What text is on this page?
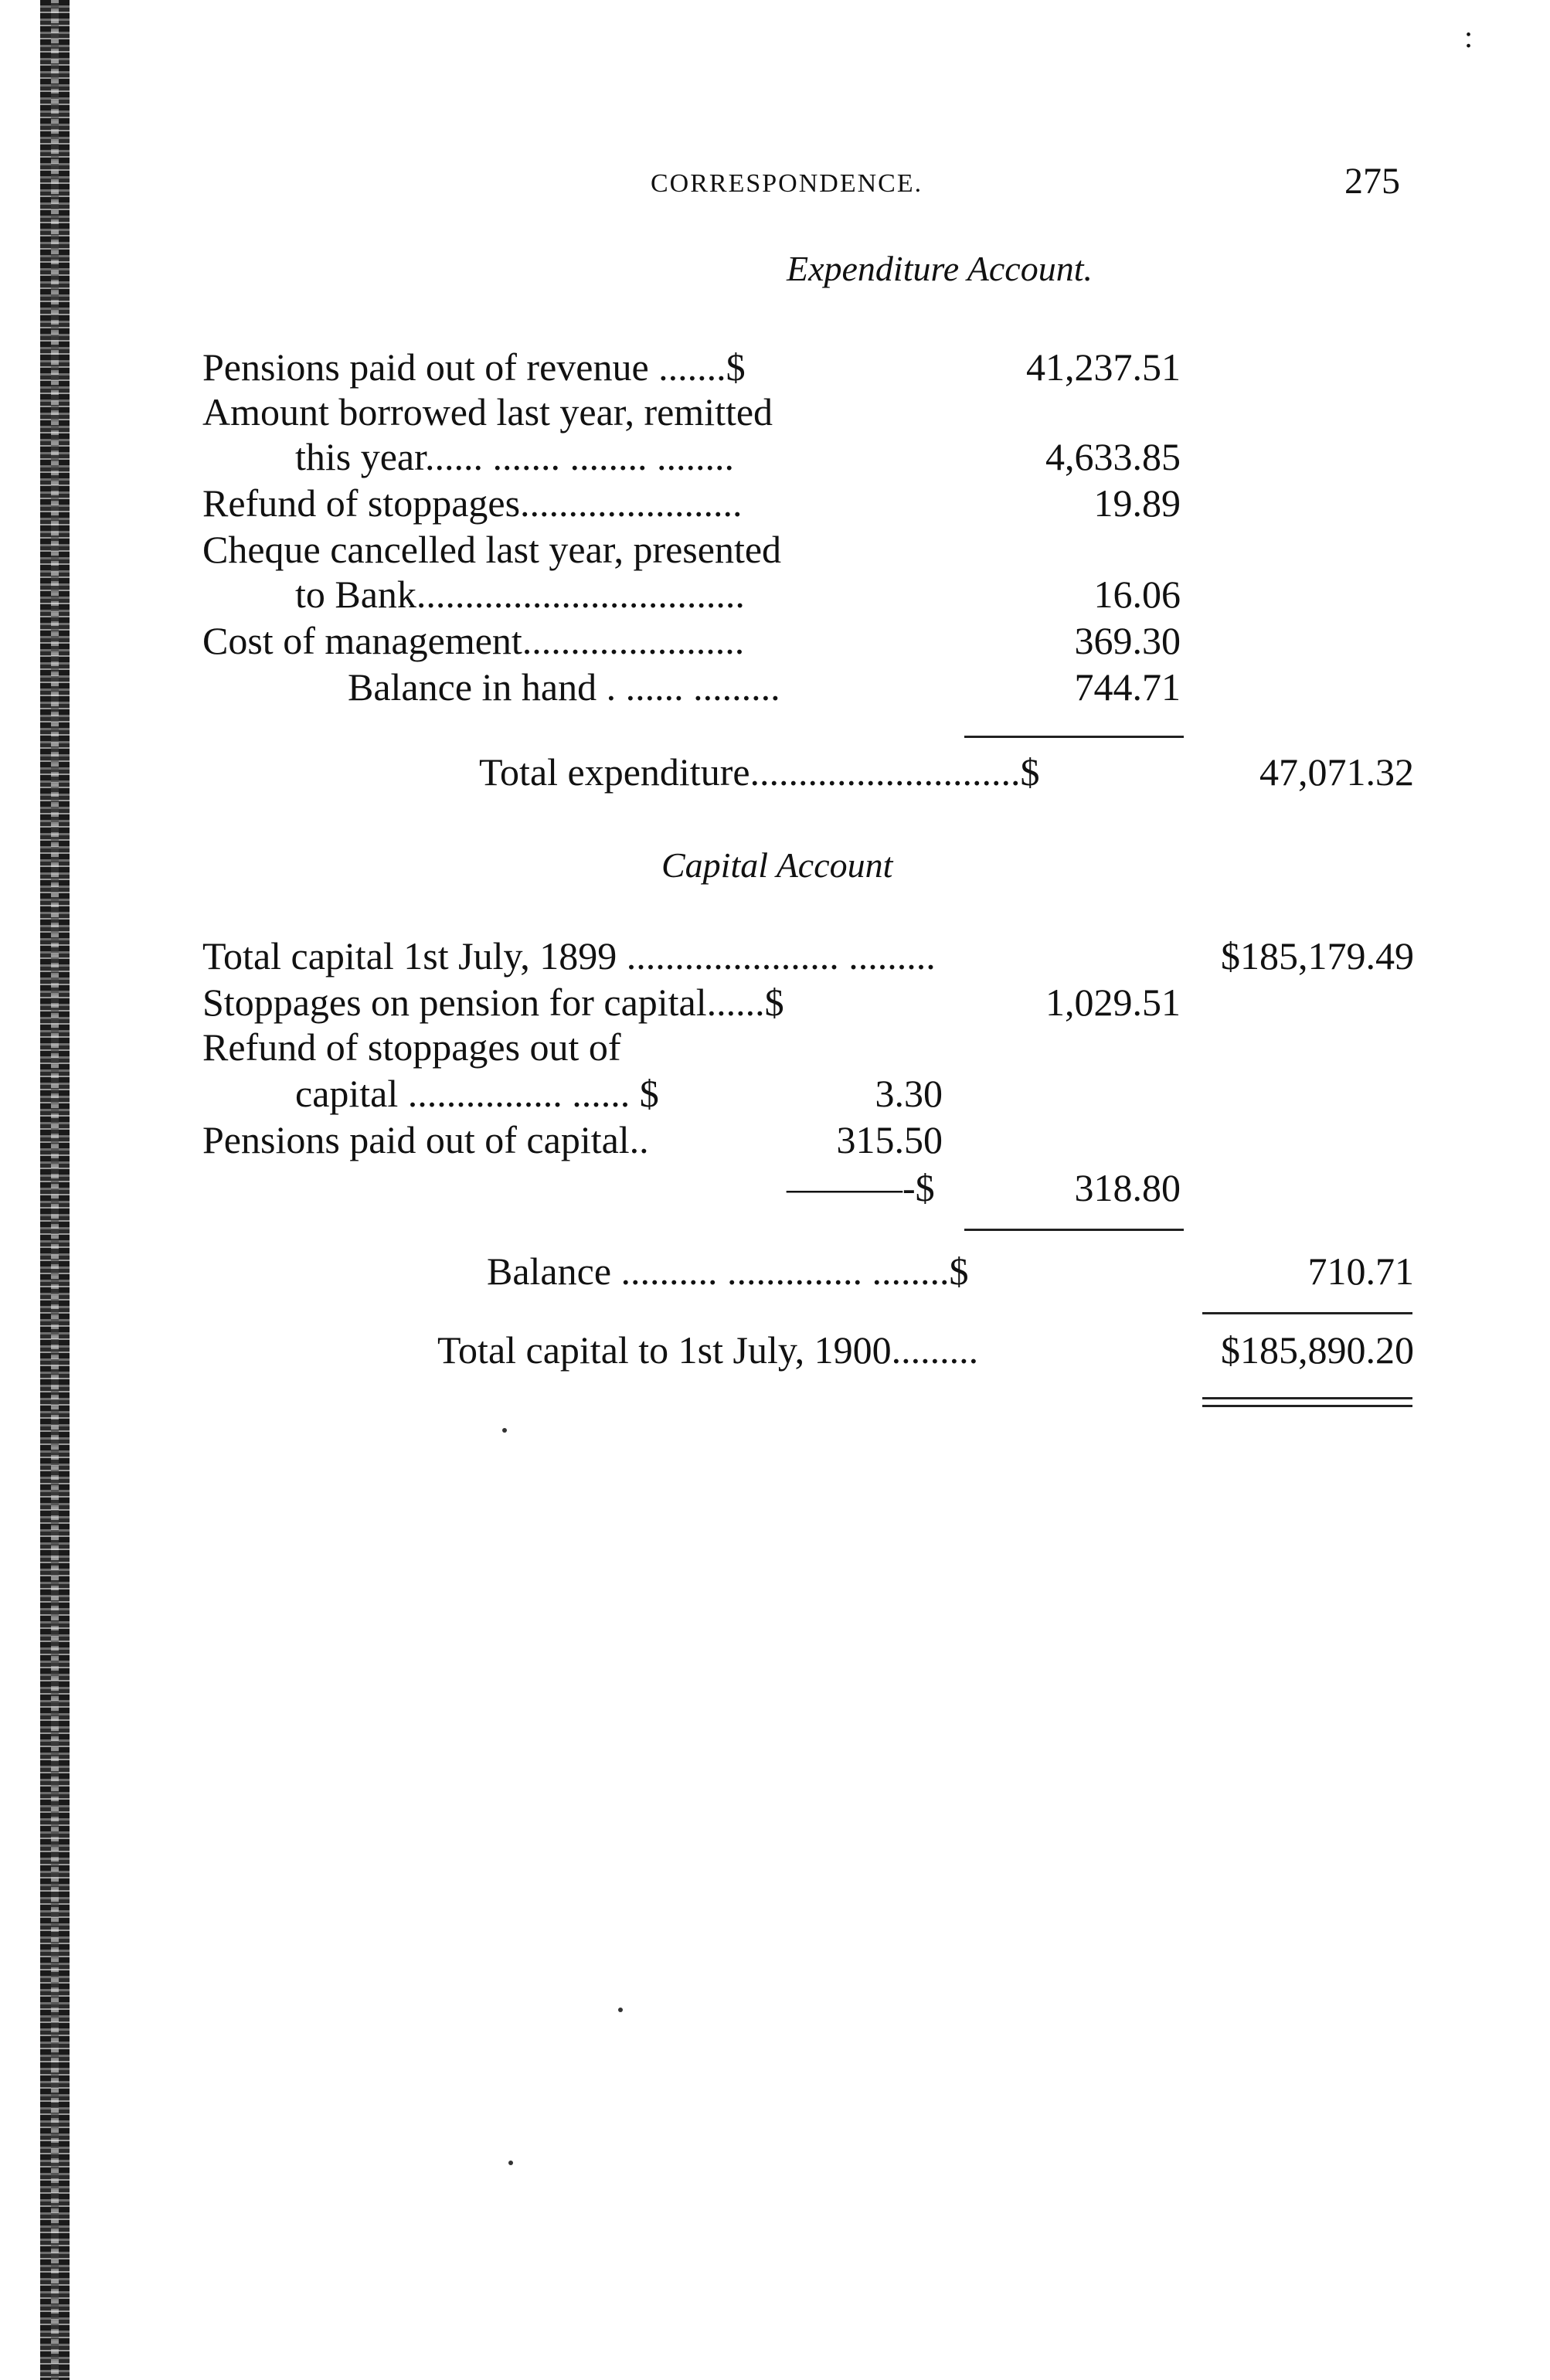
:
CORRESPONDENCE.	275
Expenditure Account.
Pensions paid out of revenue .......$	41,237.51
Amount borrowed last year, remitted
this year...... ....... ........ ........	4,633.85
Refund of stoppages.......................	19.89
Cheque cancelled last year, presented
to Bank..................................	16.06
Cost of management.......................	369.30
Balance in hand . ...... .........	744.71
Total expenditure............................$	47,071.32
Capital Account
Total capital 1st July, 1899 ...................... .........	$185,179.49
Stoppages on pension for capital......$	1,029.51
Refund of stoppages out of
capital ................ ...... $	3.30
Pensions paid out of capital..	315.50
———-$	318.80
Balance .......... .............. ........$	710.71
Total capital to 1st July, 1900.........	$185,890.20
